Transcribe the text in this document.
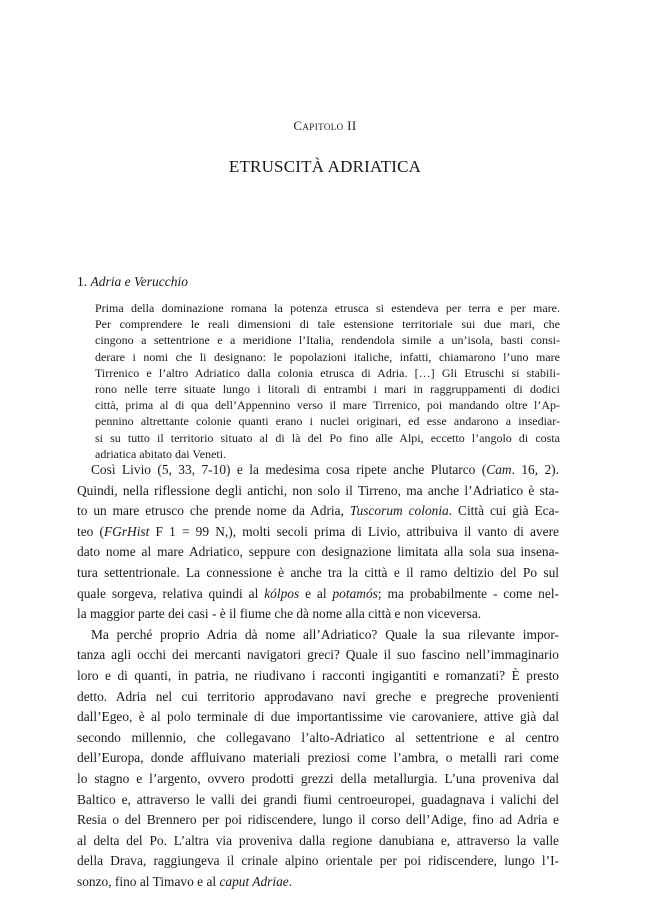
Capitolo II
ETRUSCITÀ ADRIATICA
1. Adria e Verucchio
Prima della dominazione romana la potenza etrusca si estendeva per terra e per mare.
Per comprendere le reali dimensioni di tale estensione territoriale sui due mari, che
cingono a settentrione e a meridione l’Italia, rendendola simile a un’isola, basti consi-
derare i nomi che li designano: le popolazioni italiche, infatti, chiamarono l’uno mare
Tirrenico e l’altro Adriatico dalla colonia etrusca di Adria. […] Gli Etruschi si stabili-
rono nelle terre situate lungo i litorali di entrambi i mari in raggruppamenti di dodici
città, prima al di qua dell’Appennino verso il mare Tirrenico, poi mandando oltre l’Ap-
pennino altrettante colonie quanti erano i nuclei originari, ed esse andarono a insediar-
si su tutto il territorio situato al di là del Po fino alle Alpi, eccetto l’angolo di costa
adriatica abitato dai Veneti.
Così Livio (5, 33, 7-10) e la medesima cosa ripete anche Plutarco (Cam. 16, 2).
Quindi, nella riflessione degli antichi, non solo il Tirreno, ma anche l’Adriatico è sta-
to un mare etrusco che prende nome da Adria, Tuscorum colonia. Città cui già Eca-
teo (FGrHist F 1 = 99 N,), molti secoli prima di Livio, attribuiva il vanto di avere
dato nome al mare Adriatico, seppure con designazione limitata alla sola sua insena-
tura settentrionale. La connessione è anche tra la città e il ramo deltizio del Po sul
quale sorgeva, relativa quindi al kólpos e al potamós; ma probabilmente - come nel-
la maggior parte dei casi - è il fiume che dà nome alla città e non viceversa.
Ma perché proprio Adria dà nome all’Adriatico? Quale la sua rilevante impor-
tanza agli occhi dei mercanti navigatori greci? Quale il suo fascino nell’immaginario
loro e di quanti, in patria, ne riudivano i racconti ingigantiti e romanzati? È presto
detto. Adria nel cui territorio approdavano navi greche e pregreche provenienti
dall’Egeo, è al polo terminale di due importantissime vie carovaniere, attive già dal
secondo millennio, che collegavano l’alto-Adriatico al settentrione e al centro
dell’Europa, donde affluivano materiali preziosi come l’ambra, o metalli rari come
lo stagno e l’argento, ovvero prodotti grezzi della metallurgia. L’una proveniva dal
Baltico e, attraverso le valli dei grandi fiumi centroeuropei, guadagnava i valichi del
Resia o del Brennero per poi ridiscendere, lungo il corso dell’Adige, fino ad Adria e
al delta del Po. L’altra via proveniva dalla regione danubiana e, attraverso la valle
della Drava, raggiungeva il crinale alpino orientale per poi ridiscendere, lungo l’I-
sonzo, fino al Timavo e al caput Adriae.
